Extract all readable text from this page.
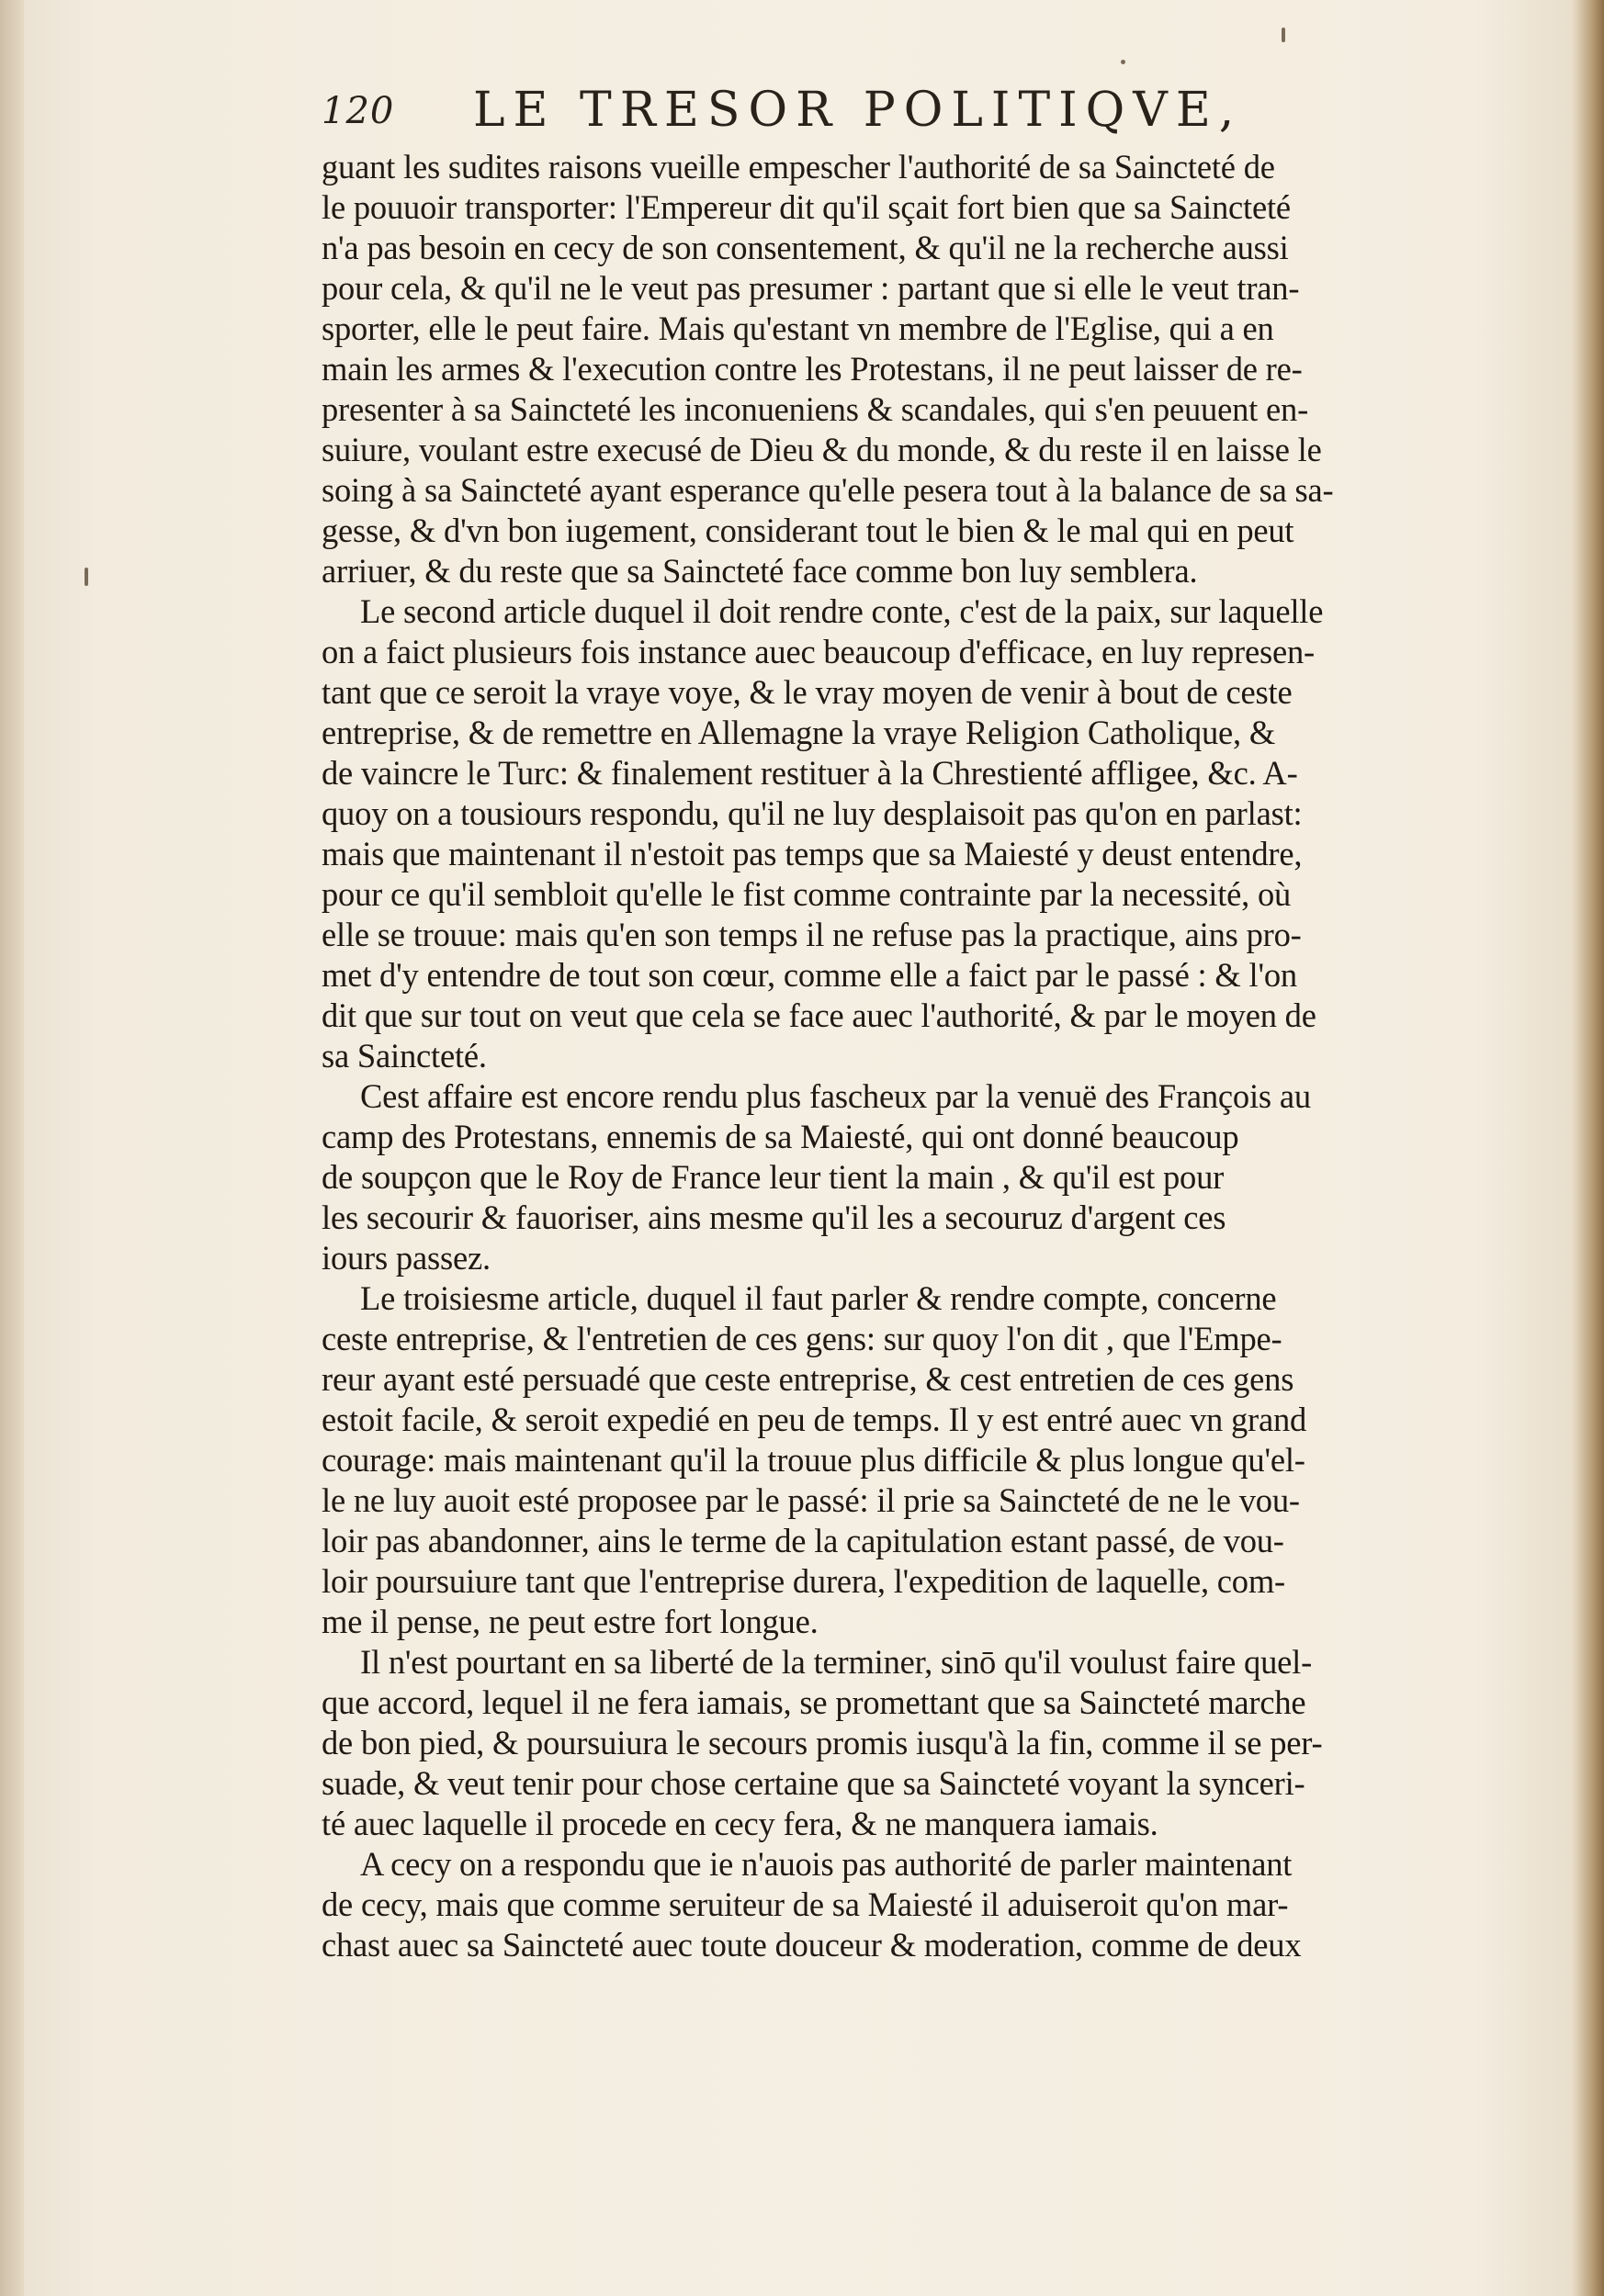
120 LE TRESOR POLITIQVE,
guant les sudites raisons vueille empescher l'authorité de sa Saincteté de
le pouuoir transporter: l'Empereur dit qu'il sçait fort bien que sa Saincteté
n'a pas besoin en cecy de son consentement, & qu'il ne la recherche aussi
pour cela, & qu'il ne le veut pas presumer : partant que si elle le veut tran-
sporter, elle le peut faire. Mais qu'estant vn membre de l'Eglise, qui a en
main les armes & l'execution contre les Protestans, il ne peut laisser de re-
presenter à sa Saincteté les inconueniens & scandales, qui s'en peuuent en-
suiure, voulant estre execusé de Dieu & du monde, & du reste il en laisse le
soing à sa Saincteté ayant esperance qu'elle pesera tout à la balance de sa sa-
gesse, & d'vn bon iugement, considerant tout le bien & le mal qui en peut
arriuer, & du reste que sa Saincteté face comme bon luy semblera.
Le second article duquel il doit rendre conte, c'est de la paix, sur laquelle
on a faict plusieurs fois instance auec beaucoup d'efficace, en luy represen-
tant que ce seroit la vraye voye, & le vray moyen de venir à bout de ceste
entreprise, & de remettre en Allemagne la vraye Religion Catholique, &
de vaincre le Turc: & finalement restituer à la Chrestienté affligee, &c. A-
quoy on a tousiours respondu, qu'il ne luy desplaisoit pas qu'on en parlast:
mais que maintenant il n'estoit pas temps que sa Maiesté y deust entendre,
pour ce qu'il sembloit qu'elle le fist comme contrainte par la necessité, où
elle se trouue: mais qu'en son temps il ne refuse pas la practique, ains pro-
met d'y entendre de tout son cœur, comme elle a faict par le passé : & l'on
dit que sur tout on veut que cela se face auec l'authorité, & par le moyen de
sa Saincteté.
Cest affaire est encore rendu plus fascheux par la venuë des François au
camp des Protestans, ennemis de sa Maiesté, qui ont donné beaucoup
de soupçon que le Roy de France leur tient la main , & qu'il est pour
les secourir & fauoriser, ains mesme qu'il les a secouruz d'argent ces
iours passez.
Le troisiesme article, duquel il faut parler & rendre compte, concerne
ceste entreprise, & l'entretien de ces gens: sur quoy l'on dit , que l'Empe-
reur ayant esté persuadé que ceste entreprise, & cest entretien de ces gens
estoit facile, & seroit expedié en peu de temps. Il y est entré auec vn grand
courage: mais maintenant qu'il la trouue plus difficile & plus longue qu'el-
le ne luy auoit esté proposee par le passé: il prie sa Saincteté de ne le vou-
loir pas abandonner, ains le terme de la capitulation estant passé, de vou-
loir poursuiure tant que l'entreprise durera, l'expedition de laquelle, com-
me il pense, ne peut estre fort longue.
Il n'est pourtant en sa liberté de la terminer, sinō qu'il voulust faire quel-
que accord, lequel il ne fera iamais, se promettant que sa Saincteté marche
de bon pied, & poursuiura le secours promis iusqu'à la fin, comme il se per-
suade, & veut tenir pour chose certaine que sa Saincteté voyant la synceri-
té auec laquelle il procede en cecy fera, & ne manquera iamais.
A cecy on a respondu que ie n'auois pas authorité de parler maintenant
de cecy, mais que comme seruiteur de sa Maiesté il aduiseroit qu'on mar-
chast auec sa Saincteté auec toute douceur & moderation, comme de deux
